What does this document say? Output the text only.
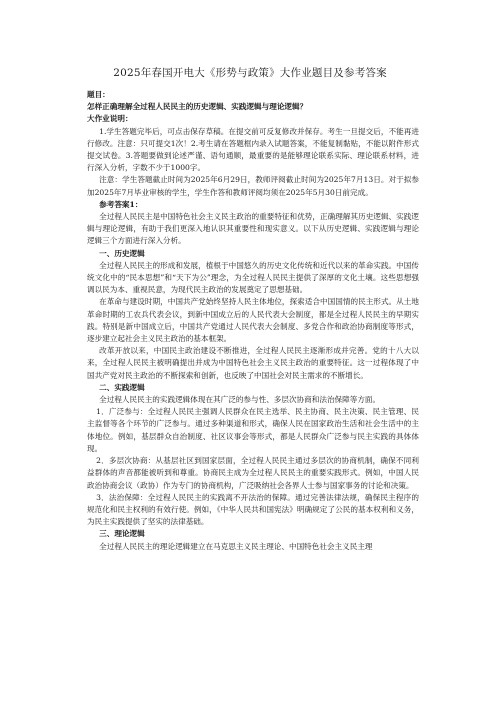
2025年春国开电大《形势与政策》大作业题目及参考答案

题目：

怎样正确理解全过程人民民主的历史逻辑、实践逻辑与理论逻辑？

大作业说明：

1.学生答题完毕后，可点击保存草稿。在提交前可反复修改并保存。考生一旦提交后，不能再进行修改。注意：只可提交1次！2.考生请在答题框内录入试题答案，不能复制黏贴，不能以附件形式提交试卷。3.答题要做到论述严谨、语句通顺，最重要的是能够理论联系实际、理论联系材料，进行深入分析，字数不少于1000字。

注意：学生答题截止时间为2025年6月29日，教师评阅截止时间为2025年7月13日。对于拟参加2025年7月毕业审核的学生，学生作答和教师评阅均须在2025年5月30日前完成。

参考答案1：

全过程人民民主是中国特色社会主义民主政治的重要特征和优势，正确理解其历史逻辑、实践逻辑与理论逻辑，有助于我们更深入地认识其重要性和现实意义。以下从历史逻辑、实践逻辑与理论逻辑三个方面进行深入分析。

一、历史逻辑

全过程人民民主的形成和发展，植根于中国悠久的历史文化传统和近代以来的革命实践。中国传统文化中的“民本思想”和“天下为公”理念，为全过程人民民主提供了深厚的文化土壤。这些思想强调以民为本、重视民意，为现代民主政治的发展奠定了思想基础。

在革命与建设时期，中国共产党始终坚持人民主体地位，探索适合中国国情的民主形式。从土地革命时期的工农兵代表会议，到新中国成立后的人民代表大会制度，都是全过程人民民主的早期实践。特别是新中国成立后，中国共产党通过人民代表大会制度、多党合作和政治协商制度等形式，逐步建立起社会主义民主政治的基本框架。

改革开放以来，中国民主政治建设不断推进，全过程人民民主逐渐形成并完善。党的十八大以来，全过程人民民主被明确提出并成为中国特色社会主义民主政治的重要特征。这一过程体现了中国共产党对民主政治的不断探索和创新，也反映了中国社会对民主需求的不断增长。

二、实践逻辑

全过程人民民主的实践逻辑体现在其广泛的参与性、多层次协商和法治保障等方面。

1．广泛参与：全过程人民民主强调人民群众在民主选举、民主协商、民主决策、民主管理、民主监督等各个环节的广泛参与。通过多种渠道和形式，确保人民在国家政治生活和社会生活中的主体地位。例如，基层群众自治制度、社区议事会等形式，都是人民群众广泛参与民主实践的具体体现。

2．多层次协商：从基层社区到国家层面，全过程人民民主通过多层次的协商机制，确保不同利益群体的声音都能被听到和尊重。协商民主成为全过程人民民主的重要实践形式。例如，中国人民政治协商会议（政协）作为专门的协商机构，广泛吸纳社会各界人士参与国家事务的讨论和决策。

3．法治保障：全过程人民民主的实践离不开法治的保障。通过完善法律法规，确保民主程序的规范化和民主权利的有效行使。例如，《中华人民共和国宪法》明确规定了公民的基本权利和义务，为民主实践提供了坚实的法律基础。

三、理论逻辑

全过程人民民主的理论逻辑建立在马克思主义民主理论、中国特色社会主义民主理
